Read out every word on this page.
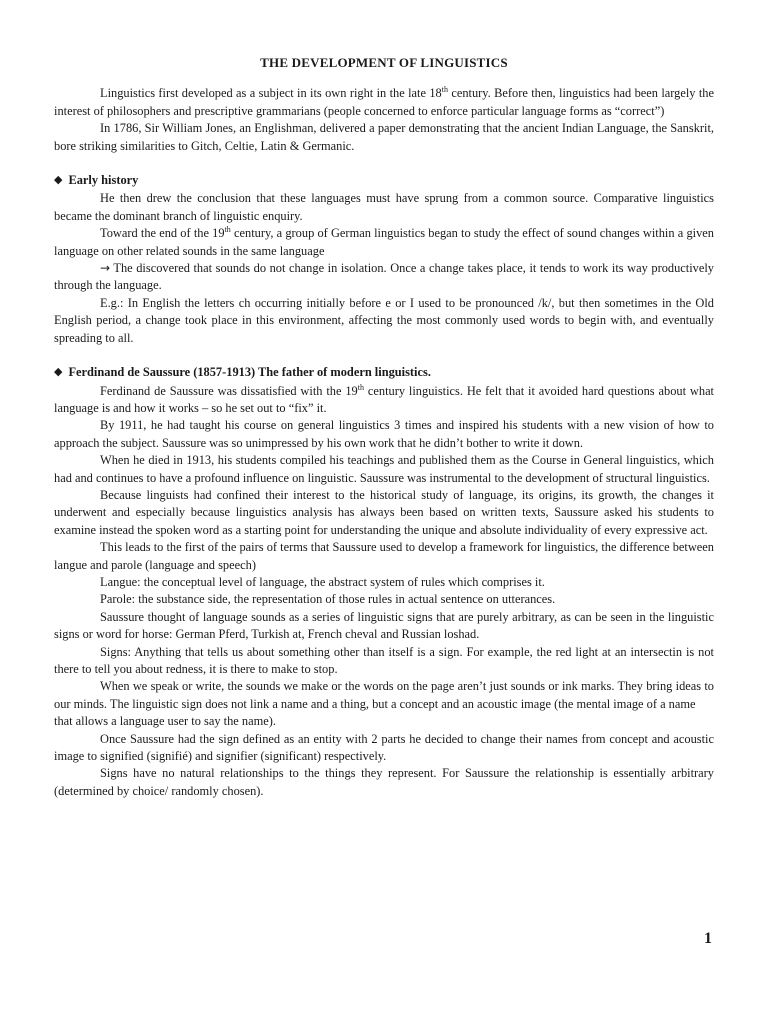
THE DEVELOPMENT OF LINGUISTICS

Linguistics first developed as a subject in its own right in the late 18th century. Before then, linguistics had been largely the interest of philosophers and prescriptive grammarians (people concerned to enforce particular language forms as “correct”)

In 1786, Sir William Jones, an Englishman, delivered a paper demonstrating that the ancient Indian Language, the Sanskrit, bore striking similarities to Gitch, Celtie, Latin & Germanic.

◆ Early history

He then drew the conclusion that these languages must have sprung from a common source. Comparative linguistics became the dominant branch of linguistic enquiry.

Toward the end of the 19th century, a group of German linguistics began to study the effect of sound changes within a given language on other related sounds in the same language

→ The discovered that sounds do not change in isolation. Once a change takes place, it tends to work its way productively through the language.

E.g.: In English the letters ch occurring initially before e or I used to be pronounced /k/, but then sometimes in the Old English period, a change took place in this environment, affecting the most commonly used words to begin with, and eventually spreading to all.

◆ Ferdinand de Saussure (1857-1913) The father of modern linguistics.

Ferdinand de Saussure was dissatisfied with the 19th century linguistics. He felt that it avoided hard questions about what language is and how it works – so he set out to “fix” it.

By 1911, he had taught his course on general linguistics 3 times and inspired his students with a new vision of how to approach the subject. Saussure was so unimpressed by his own work that he didn’t bother to write it down.

When he died in 1913, his students compiled his teachings and published them as the Course in General linguistics, which had and continues to have a profound influence on linguistic. Saussure was instrumental to the development of structural linguistics.

Because linguists had confined their interest to the historical study of language, its origins, its growth, the changes it underwent and especially because linguistics analysis has always been based on written texts, Saussure asked his students to examine instead the spoken word as a starting point for understanding the unique and absolute individuality of every expressive act.

This leads to the first of the pairs of terms that Saussure used to develop a framework for linguistics, the difference between langue and parole (language and speech)

Langue: the conceptual level of language, the abstract system of rules which comprises it.

Parole: the substance side, the representation of those rules in actual sentence on utterances.

Saussure thought of language sounds as a series of linguistic signs that are purely arbitrary, as can be seen in the linguistic signs or word for horse: German Pferd, Turkish at, French cheval and Russian loshad.

Signs: Anything that tells us about something other than itself is a sign. For example, the red light at an intersectin is not there to tell you about redness, it is there to make to stop.

When we speak or write, the sounds we make or the words on the page aren’t just sounds or ink marks. They bring ideas to our minds. The linguistic sign does not link a name and a thing, but a concept and an acoustic image (the mental image of a name

that allows a language user to say the name).

Once Saussure had the sign defined as an entity with 2 parts he decided to change their names from concept and acoustic image to signified (signifié) and signifier (significant) respectively.

Signs have no natural relationships to the things they represent. For Saussure the relationship is essentially arbitrary (determined by choice/ randomly chosen).

1
